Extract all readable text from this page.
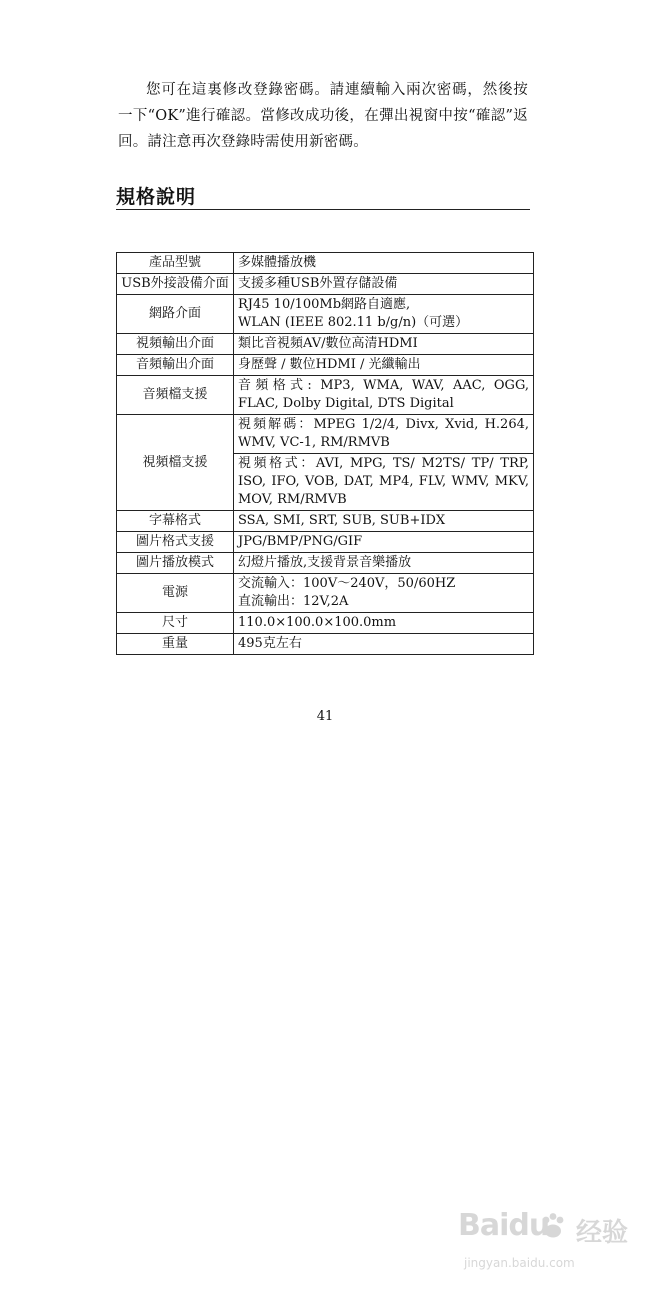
您可在這裏修改登錄密碼。請連續輸入兩次密碼，然後按一下“OK”進行確認。當修改成功後，在彈出視窗中按“確認”返回。請注意再次登錄時需使用新密碼。

規格說明
產品型號	多媒體播放機
USB外接設備介面	支援多種USB外置存儲設備
網路介面	RJ45 10/100Mb網路自適應,
WLAN (IEEE 802.11 b/g/n)（可選）

視頻輸出介面	類比音視頻AV/數位高清HDMI
音頻輸出介面	身歷聲 / 數位HDMI / 光纖輸出
音頻檔支援	音頻格式: MP3, WMA, WAV, AAC, OGG, FLAC, Dolby Digital, DTS Digital
視頻檔支援	視頻解碼：MPEG 1/2/4, Divx, Xvid, H.264, WMV, VC-1, RM/RMVB
	視頻格式：AVI, MPG, TS/ M2TS/ TP/ TRP, ISO, IFO, VOB, DAT, MP4, FLV, WMV, MKV, MOV, RM/RMVB
字幕格式	SSA, SMI, SRT, SUB, SUB+IDX
圖片格式支援	JPG/BMP/PNG/GIF
圖片播放模式	幻燈片播放,支援背景音樂播放
電源	交流輸入：100V～240V，50/60HZ
直流輸出：12V,2A

尺寸	110.0×100.0×100.0mm
重量	495克左右
41
Baidu 经验
jingyan.baidu.com
